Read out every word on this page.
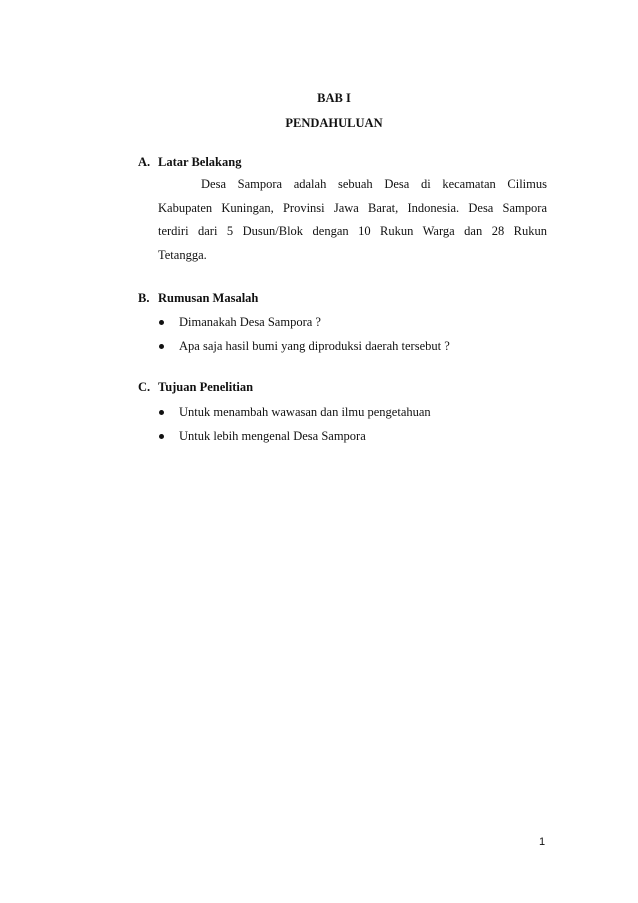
BAB I
PENDAHULUAN
A. Latar Belakang
Desa Sampora adalah sebuah Desa di kecamatan Cilimus
Kabupaten Kuningan, Provinsi Jawa Barat, Indonesia. Desa Sampora
terdiri dari 5 Dusun/Blok dengan 10 Rukun Warga dan 28 Rukun
Tetangga.
B. Rumusan Masalah
Dimanakah Desa Sampora ?
Apa saja hasil bumi yang diproduksi daerah tersebut ?
C. Tujuan Penelitian
Untuk menambah wawasan dan ilmu pengetahuan
Untuk lebih mengenal Desa Sampora
1
